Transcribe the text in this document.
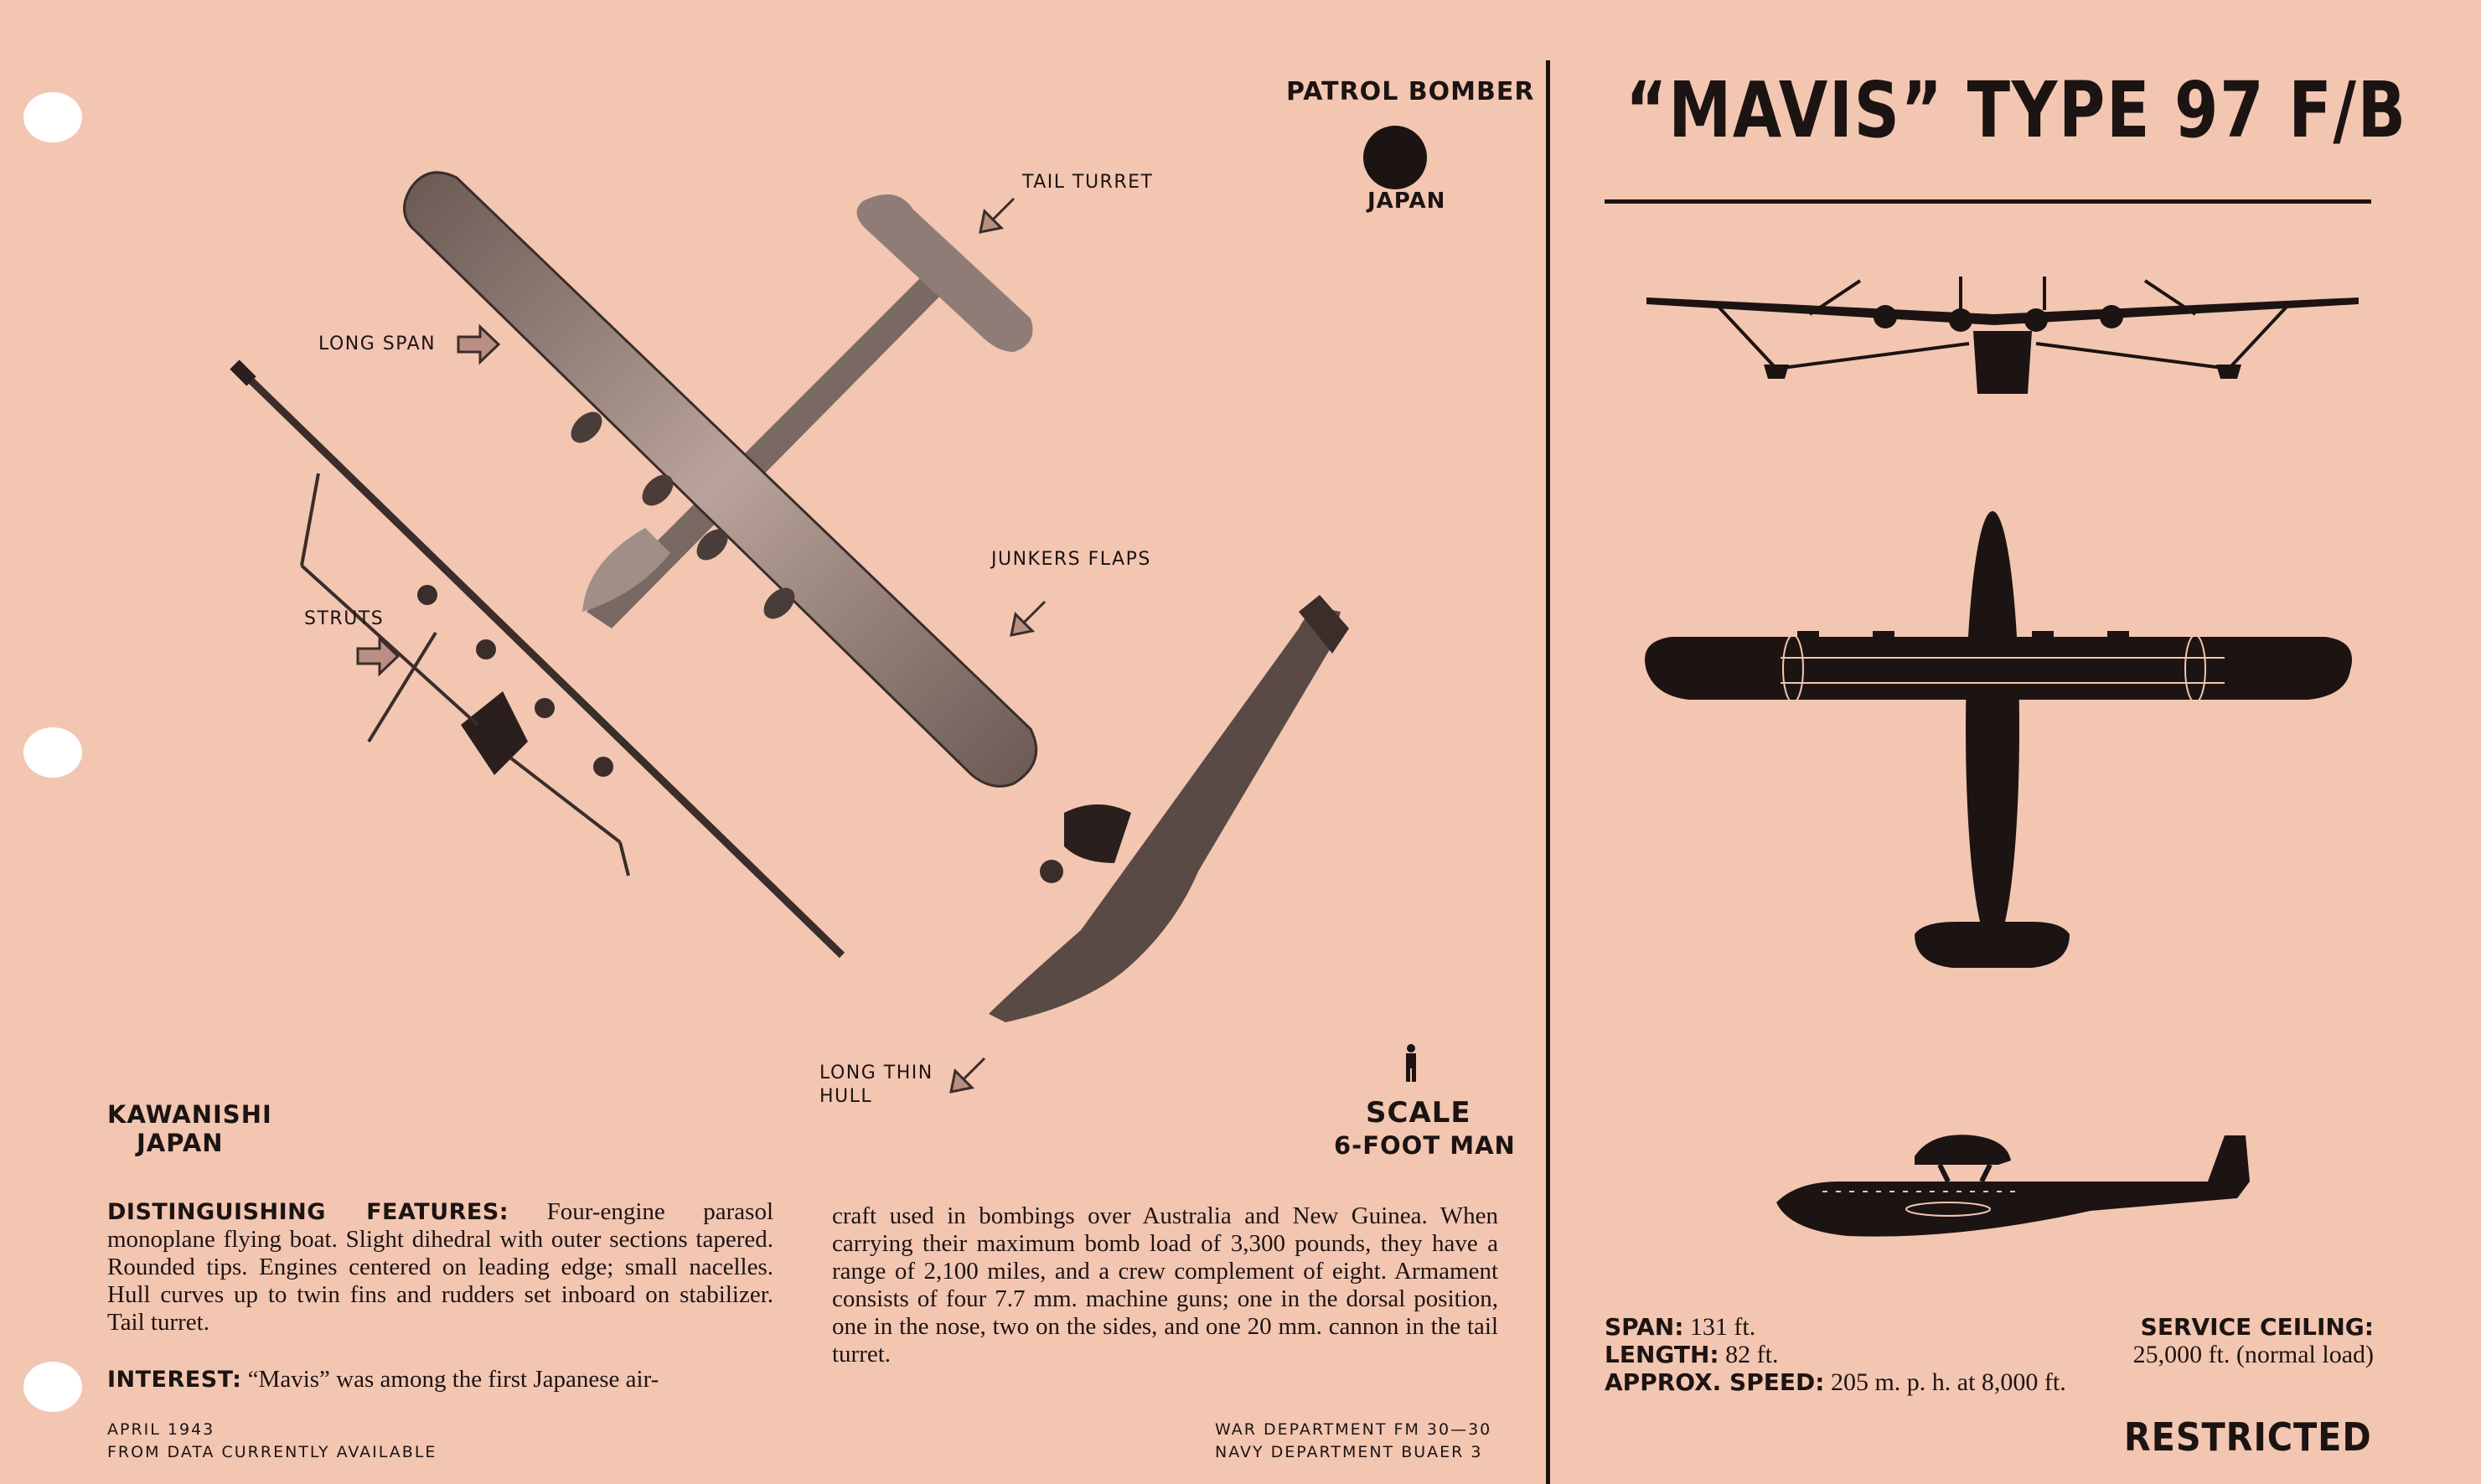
PATROL BOMBER
JAPAN
“MAVIS” TYPE 97 F/B
TAIL TURRET
LONG SPAN
JUNKERS FLAPS
STRUTS
LONG THIN
HULL
KAWANISHI
JAPAN
SCALE
6-FOOT MAN
DISTINGUISHING FEATURES: Four-engine parasol monoplane flying boat. Slight dihedral with outer sections tapered. Rounded tips. Engines centered on leading edge; small nacelles. Hull curves up to twin fins and rudders set inboard on stabilizer. Tail turret.
INTEREST: “Mavis” was among the first Japanese air-
craft used in bombings over Australia and New Guinea. When carrying their maximum bomb load of 3,300 pounds, they have a range of 2,100 miles, and a crew complement of eight. Armament consists of four 7.7 mm. machine guns; one in the dorsal position, one in the nose, two on the sides, and one 20 mm. cannon in the tail turret.
APRIL 1943
FROM DATA CURRENTLY AVAILABLE
WAR DEPARTMENT FM 30—30
NAVY DEPARTMENT BUAER 3
SPAN: 131 ft.
LENGTH: 82 ft.
APPROX. SPEED: 205 m. p. h. at 8,000 ft.
SERVICE CEILING:
25,000 ft. (normal load)
RESTRICTED
